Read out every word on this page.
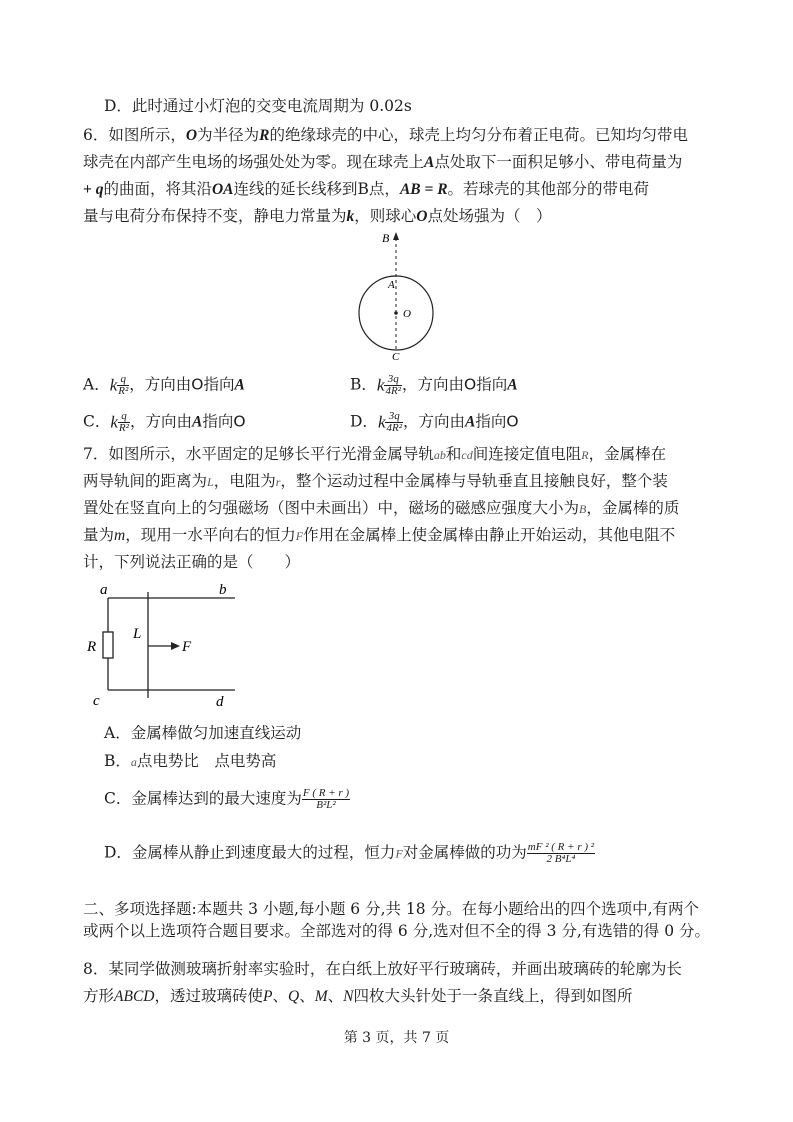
D．此时通过小灯泡的交变电流周期为 0.02s
6．如图所示，O为半径为R的绝缘球壳的中心，球壳上均匀分布着正电荷。已知均匀带电
球壳在内部产生电场的场强处处为零。现在球壳上A点处取下一面积足够小、带电荷量为
+ q的曲面，将其沿OA连线的延长线移到B点，AB = R。若球壳的其他部分的带电荷
量与电荷分布保持不变，静电力常量为k，则球心O点处场强为（　）
B
A
O
C
A．k $\frac{q}{\text{R²}}$ ，方向由O指向A	B．k $\frac{3q}{\text{4R²}}$ ，方向由O指向A
C．k $\frac{q}{\text{R²}}$ ，方向由A指向O	D．k $\frac{3q}{\text{4R²}}$ ，方向由A指向O
7．如图所示，水平固定的足够长平行光滑金属导轨ab和cd间连接定值电阻R，金属棒在
两导轨间的距离为L，电阻为r，整个运动过程中金属棒与导轨垂直且接触良好，整个装
置处在竖直向上的匀强磁场（图中未画出）中，磁场的磁感应强度大小为B，金属棒的质
量为m，现用一水平向右的恒力F作用在金属棒上使金属棒由静止开始运动，其他电阻不
计，下列说法正确的是（　　）
a	b
c	d
R
L
F
A．金属棒做匀加速直线运动
B．a点电势比　点电势高
C．金属棒达到的最大速度为 $\frac{F ( R + r )}{\text{B²L²}}$
D．金属棒从静止到速度最大的过程，恒力F对金属棒做的功为 $\frac{\text{mF ² ( R + r ) ²}}{\text{2 B⁴L⁴}}$
二、多项选择题:本题共 3 小题,每小题 6 分,共 18 分。在每小题给出的四个选项中,有两个
或两个以上选项符合题目要求。全部选对的得 6 分,选对但不全的得 3 分,有选错的得 0 分。
8．某同学做测玻璃折射率实验时，在白纸上放好平行玻璃砖，并画出玻璃砖的轮廓为长
方形ABCD，透过玻璃砖使P、Q、M、N四枚大头针处于一条直线上，得到如图所
第 3 页，共 7 页
